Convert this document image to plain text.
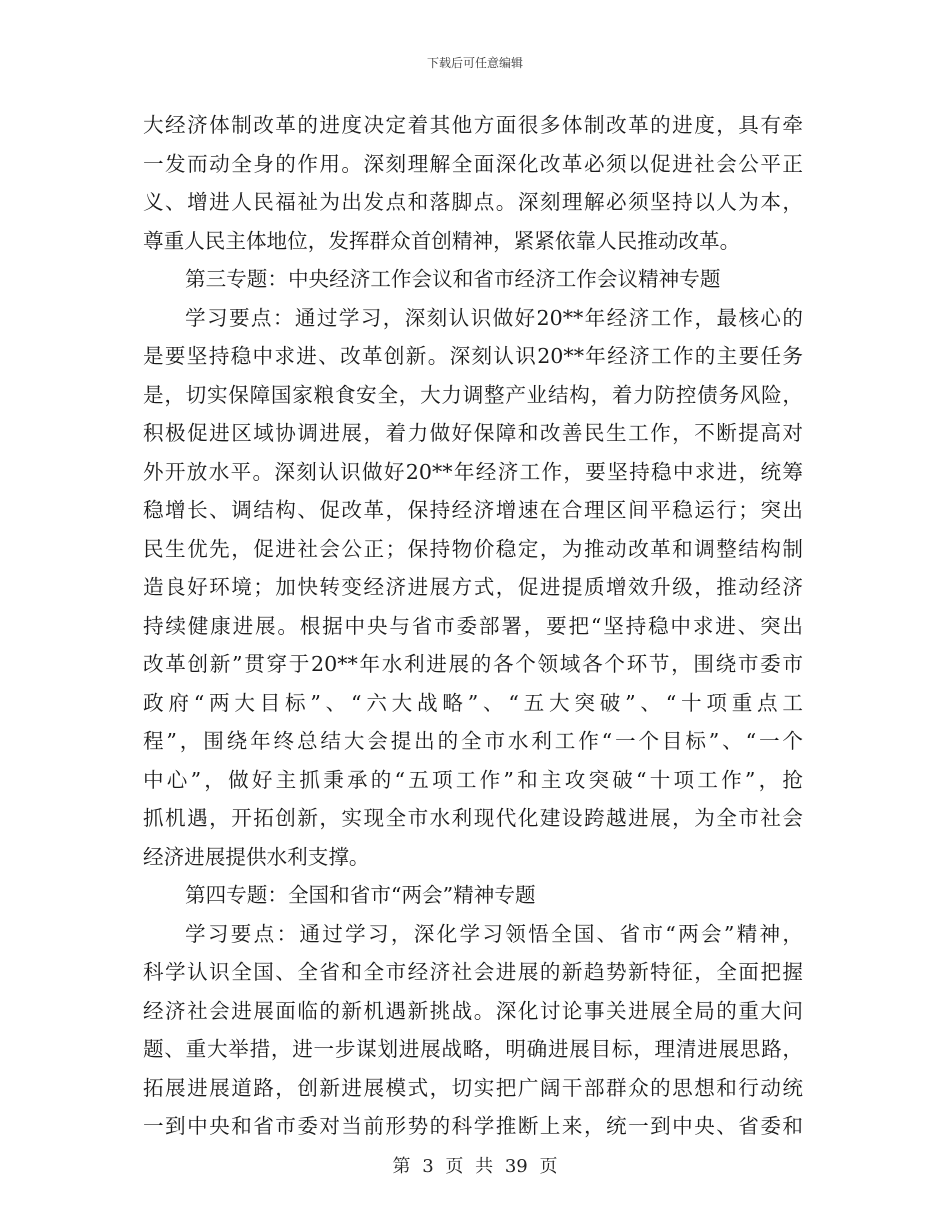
下载后可任意编辑
大经济体制改革的进度决定着其他方面很多体制改革的进度，具有牵
一发而动全身的作用。深刻理解全面深化改革必须以促进社会公平正
义、增进人民福祉为出发点和落脚点。深刻理解必须坚持以人为本，
尊重人民主体地位，发挥群众首创精神，紧紧依靠人民推动改革。
第三专题：中央经济工作会议和省市经济工作会议精神专题
学习要点：通过学习，深刻认识做好20**年经济工作，最核心的
是要坚持稳中求进、改革创新。深刻认识20**年经济工作的主要任务
是，切实保障国家粮食安全，大力调整产业结构，着力防控债务风险，
积极促进区域协调进展，着力做好保障和改善民生工作，不断提高对
外开放水平。深刻认识做好20**年经济工作，要坚持稳中求进，统筹
稳增长、调结构、促改革，保持经济增速在合理区间平稳运行；突出
民生优先，促进社会公正；保持物价稳定，为推动改革和调整结构制
造良好环境；加快转变经济进展方式，促进提质增效升级，推动经济
持续健康进展。根据中央与省市委部署，要把“坚持稳中求进、突出
改革创新”贯穿于20**年水利进展的各个领域各个环节，围绕市委市
政府“两大目标”、“六大战略”、“五大突破”、“十项重点工
程”，围绕年终总结大会提出的全市水利工作“一个目标”、“一个
中心”，做好主抓秉承的“五项工作”和主攻突破“十项工作”，抢
抓机遇，开拓创新，实现全市水利现代化建设跨越进展，为全市社会
经济进展提供水利支撑。
第四专题：全国和省市“两会”精神专题
学习要点：通过学习，深化学习领悟全国、省市“两会”精神，
科学认识全国、全省和全市经济社会进展的新趋势新特征，全面把握
经济社会进展面临的新机遇新挑战。深化讨论事关进展全局的重大问
题、重大举措，进一步谋划进展战略，明确进展目标，理清进展思路，
拓展进展道路，创新进展模式，切实把广阔干部群众的思想和行动统
一到中央和省市委对当前形势的科学推断上来，统一到中央、省委和
第 3 页 共 39 页
